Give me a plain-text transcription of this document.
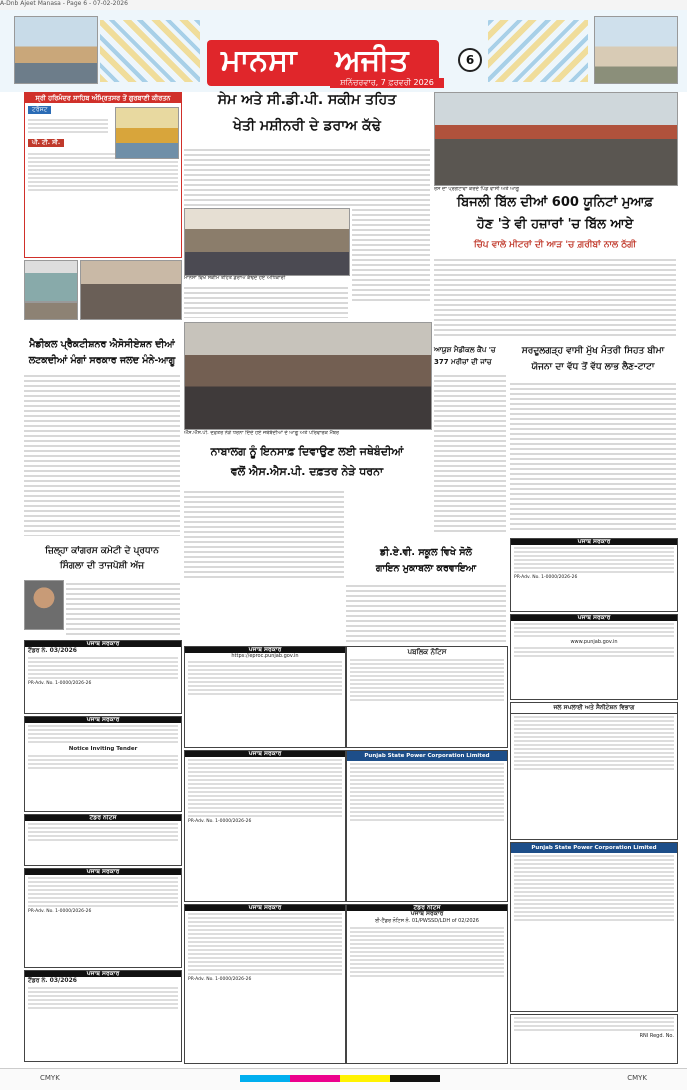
A-Dnb Ajeet Manasa - Page 6 - 07-02-2026
ਮਾਨਸਾ ਅਜੀਤ	6
ਸ਼ਨਿੱਚਰਵਾਰ, 7 ਫ਼ਰਵਰੀ 2026
ਸ੍ਰੀ ਹਰਿਮੰਦਰ ਸਾਹਿਬ ਅੰਮ੍ਰਿਤਸਰ ਤੋਂ ਗੁਰਬਾਣੀ ਕੀਰਤਨ
ਟਰੱਸਟ
ਪੀ. ਟੀ. ਸੀ.
ਮੈਡੀਕਲ ਪ੍ਰੈਕਟੀਸ਼ਨਰ ਐਸੋਸੀਏਸ਼ਨ ਦੀਆਂ
ਲਟਕਦੀਆਂ ਮੰਗਾਂ ਸਰਕਾਰ ਜਲਦ ਮੰਨੇ-ਆਗੂ
ਜ਼ਿਲ੍ਹਾ ਕਾਂਗਰਸ ਕਮੇਟੀ ਦੇ ਪ੍ਰਧਾਨ
ਸਿੰਗਲਾ ਦੀ ਤਾਜਪੋਸ਼ੀ ਅੱਜ
ਪੰਜਾਬ ਸਰਕਾਰ
ਟੈਂਡਰ ਨੰ. 03/2026
PR-Adv. No. 1-0000/2026-26
ਪੰਜਾਬ ਸਰਕਾਰ
Notice Inviting Tender
ਟੈਂਡਰ ਨੋਟਿਸ
ਪੰਜਾਬ ਸਰਕਾਰ
PR-Adv. No. 1-0000/2026-26
ਪੰਜਾਬ ਸਰਕਾਰ
ਟੈਂਡਰ ਨੰ. 03/2026
ਸੇਮ ਅਤੇ ਸੀ.ਡੀ.ਪੀ. ਸਕੀਮ ਤਹਿਤ
ਖੇਤੀ ਮਸ਼ੀਨਰੀ ਦੇ ਡਰਾਅ ਕੱਢੇ
ਮਾਨਸਾ ਵਿਖੇ ਸਕੀਮ ਤਹਿਤ ਡਰਾਅ ਕੱਢਦੇ ਹੋਏ ਅਧਿਕਾਰੀ
ਐੱਸ.ਐੱਸ.ਪੀ. ਦਫ਼ਤਰ ਨੇੜੇ ਧਰਨਾ ਦਿੰਦੇ ਹੋਏ ਜਥੇਬੰਦੀਆਂ ਦੇ ਆਗੂ ਅਤੇ ਪਰਿਵਾਰਕ ਮੈਂਬਰ
ਨਾਬਾਲਗ ਨੂੰ ਇਨਸਾਫ਼ ਦਿਵਾਉਣ ਲਈ ਜਥੇਬੰਦੀਆਂ
ਵਲੋਂ ਐਸ.ਐਸ.ਪੀ. ਦਫ਼ਤਰ ਨੇੜੇ ਧਰਨਾ
ਰੋਸ ਦਾ ਪ੍ਰਗਟਾਵਾ ਕਰਦੇ ਪਿੰਡ ਵਾਸੀ ਅਤੇ ਆਗੂ
ਬਿਜਲੀ ਬਿੱਲ ਦੀਆਂ 600 ਯੂਨਿਟਾਂ ਮੁਆਫ਼
ਹੋਣ 'ਤੇ ਵੀ ਹਜ਼ਾਰਾਂ 'ਚ ਬਿੱਲ ਆਏ
ਚਿੱਪ ਵਾਲੇ ਮੀਟਰਾਂ ਦੀ ਆੜ 'ਚ ਗ਼ਰੀਬਾਂ ਨਾਲ ਠੱਗੀ
ਆਯੁਸ਼ ਮੈਡੀਕਲ ਕੈਂਪ 'ਚ
377 ਮਰੀਜ਼ਾਂ ਦੀ ਜਾਂਚ
ਸਰਦੂਲਗੜ੍ਹ ਵਾਸੀ ਮੁੱਖ ਮੰਤਰੀ ਸਿਹਤ ਬੀਮਾ
ਯੋਜਨਾ ਦਾ ਵੱਧ ਤੋਂ ਵੱਧ ਲਾਭ ਲੈਣ-ਟਾਟਾ
ਡੀ.ਏ.ਵੀ. ਸਕੂਲ ਵਿਖੇ ਸੋਲੋ
ਗਾਇਨ ਮੁਕਾਬਲਾ ਕਰਵਾਇਆ
ਪੰਜਾਬ ਸਰਕਾਰ
PR-Adv. No. 1-0000/2026-26
ਪੰਜਾਬ ਸਰਕਾਰ
www.punjab.gov.in
ਜਲ ਸਪਲਾਈ ਅਤੇ ਸੈਨੀਟੇਸ਼ਨ ਵਿਭਾਗ
Punjab State Power Corporation Limited
RNI Regd. No.
ਪੰਜਾਬ ਸਰਕਾਰ
https://eproc.punjab.gov.in	ਪਬਲਿਕ ਨੋਟਿਸ
ਪੰਜਾਬ ਸਰਕਾਰ
PR-Adv. No. 1-0000/2026-26
Punjab State Power Corporation Limited
ਪੰਜਾਬ ਸਰਕਾਰ
PR-Adv. No. 1-0000/2026-26
ਟੈਂਡਰ ਨੋਟਿਸ
ਪੰਜਾਬ ਸਰਕਾਰ
ਈ-ਟੈਂਡਰ ਨੋਟਿਸ ਨੰ. 01/PWSSD/LDH of 02/2026
CMYK	CMYK
